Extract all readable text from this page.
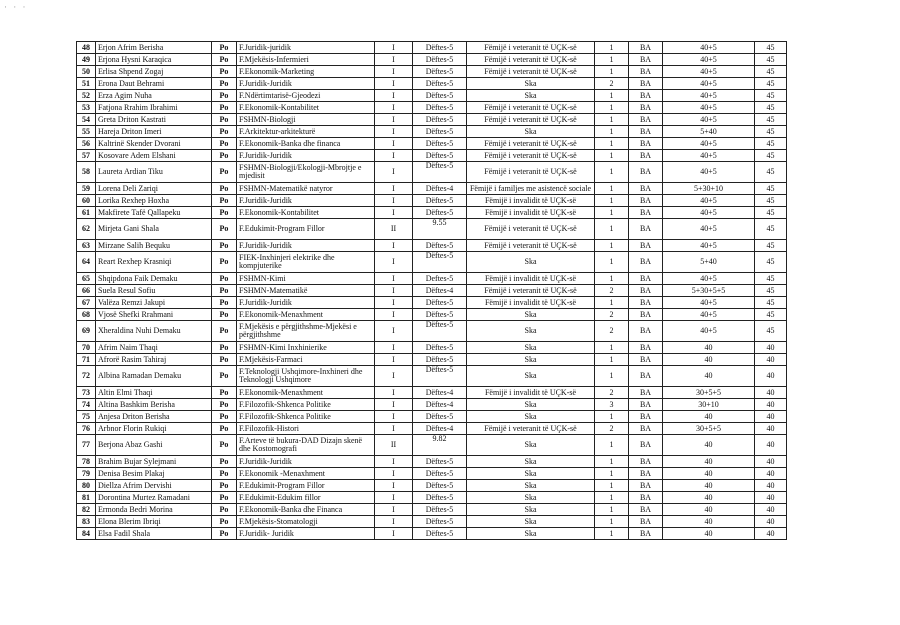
· · ·
48	Erjon Afrim Berisha	Po	F.Juridik-juridik	I	Dëftes-5	Fëmijë i veteranit të UÇK-së	1	BA	40+5	45
49	Erjona Hysni Karaqica	Po	F.Mjekësis-Infermieri	I	Dëftes-5	Fëmijë i veteranit të UÇK-së	1	BA	40+5	45
50	Erlisa Shpend Zogaj	Po	F.Ekonomik-Marketing	I	Dëftes-5	Fëmijë i veteranit të UÇK-së	1	BA	40+5	45
51	Erona Daut Behrami	Po	F.Juridik-Juridik	I	Dëftes-5	Ska	2	BA	40+5	45
52	Erza Agim Nuha	Po	F.Ndërtimtarisë-Gjeodezi	I	Dëftes-5	Ska	1	BA	40+5	45
53	Fatjona Rrahim Ibrahimi	Po	F.Ekonomik-Kontabilitet	I	Dëftes-5	Fëmijë i veteranit të UÇK-së	1	BA	40+5	45
54	Greta Driton Kastrati	Po	FSHMN-Biologji	I	Dëftes-5	Fëmijë i veteranit të UÇK-së	1	BA	40+5	45
55	Hareja Driton Imeri	Po	F.Arkitektur-arkitekturë	I	Dëftes-5	Ska	1	BA	5+40	45
56	Kaltrinë Skender Dvorani	Po	F.Ekonomik-Banka dhe financa	I	Dëftes-5	Fëmijë i veteranit të UÇK-së	1	BA	40+5	45
57	Kosovare Adem Elshani	Po	F.Juridik-Juridik	I	Dëftes-5	Fëmijë i veteranit të UÇK-së	1	BA	40+5	45
58	Laureta Ardian Tiku	Po	FSHMN-Biologji/Ekologji-Mbrojtje e mjedisit	I	Dëftes-5	Fëmijë i veteranit të UÇK-së	1	BA	40+5	45
59	Lorena Deli Zariqi	Po	FSHMN-Matematikë natyror	I	Dëftes-4	Fëmijë i familjes me asistencë sociale	1	BA	5+30+10	45
60	Lorika Rexhep Hoxha	Po	F.Juridik-Juridik	I	Dëftes-5	Fëmijë i invalidit të UÇK-së	1	BA	40+5	45
61	Makfirete Tafë Qallapeku	Po	F.Ekonomik-Kontabilitet	I	Dëftes-5	Fëmijë i invalidit të UÇK-së	1	BA	40+5	45
62	Mirjeta Gani Shala	Po	F.Edukimit-Program Fillor	II	9.55	Fëmijë i veteranit të UÇK-së	1	BA	40+5	45
63	Mirzane Salih Bequku	Po	F.Juridik-Juridik	I	Dëftes-5	Fëmijë i veteranit të UÇK-së	1	BA	40+5	45
64	Reart Rexhep Krasniqi	Po	FIEK-Inxhinjeri elektrike dhe kompjuterike	I	Dëftes-5	Ska	1	BA	5+40	45
65	Shqipdona Faik Demaku	Po	FSHMN-Kimi	I	Deftes-5	Fëmijë i invalidit të UÇK-së	1	BA	40+5	45
66	Suela Resul Sofiu	Po	FSHMN-Matematikë	I	Dëftes-4	Fëmijë i veteranit të UÇK-së	2	BA	5+30+5+5	45
67	Valëza Remzi Jakupi	Po	F.Juridik-Juridik	I	Dëftes-5	Fëmijë i invalidit të UÇK-së	1	BA	40+5	45
68	Vjosë Shefki Rrahmani	Po	F.Ekonomik-Menaxhment	I	Dëftes-5	Ska	2	BA	40+5	45
69	Xheraldina Nuhi Demaku	Po	F.Mjekësis e përgjithshme-Mjekësi e përgjithshme	I	Dëftes-5	Ska	2	BA	40+5	45
70	Afrim Naim Thaqi	Po	FSHMN-Kimi Inxhinierike	I	Dëftes-5	Ska	1	BA	40	40
71	Afrorë Rasim Tahiraj	Po	F.Mjekësis-Farmaci	I	Dëftes-5	Ska	1	BA	40	40
72	Albina Ramadan Demaku	Po	F.Teknologji Ushqimore-Inxhineri dhe Teknologji Ushqimore	I	Dëftes-5	Ska	1	BA	40	40
73	Altin Elmi Thaqi	Po	F.Ekonomik-Menaxhment	I	Dëftes-4	Fëmijë i invalidit të UÇK-së	2	BA	30+5+5	40
74	Altina Bashkim Berisha	Po	F.Filozofik-Shkenca Politike	I	Dëftes-4	Ska	3	BA	30+10	40
75	Anjesa Driton Berisha	Po	F.Filozofik-Shkenca Politike	I	Dëftes-5	Ska	1	BA	40	40
76	Arbnor Florin Rukiqi	Po	F.Filozofik-Histori	I	Dëftes-4	Fëmijë i veteranit të UÇK-së	2	BA	30+5+5	40
77	Berjona Abaz Gashi	Po	F.Arteve të bukura-DAD Dizajn skenë dhe Kostomografi	II	9.82	Ska	1	BA	40	40
78	Brahim Bujar Sylejmani	Po	F.Juridik-Juridik	I	Dëftes-5	Ska	1	BA	40	40
79	Denisa Besim Plakaj	Po	F.Ekonomik -Menaxhment	I	Dëftes-5	Ska	1	BA	40	40
80	Diellza Afrim Dervishi	Po	F.Edukimit-Program Fillor	I	Dëftes-5	Ska	1	BA	40	40
81	Dorontina Murtez Ramadani	Po	F.Edukimit-Edukim fillor	I	Dëftes-5	Ska	1	BA	40	40
82	Ermonda Bedri Morina	Po	F.Ekonomik-Banka dhe Financa	I	Dëftes-5	Ska	1	BA	40	40
83	Elona Blerim Ibriqi	Po	F.Mjekësis-Stomatologji	I	Dëftes-5	Ska	1	BA	40	40
84	Elsa Fadil Shala	Po	F.Juridik- Juridik	I	Dëftes-5	Ska	1	BA	40	40
